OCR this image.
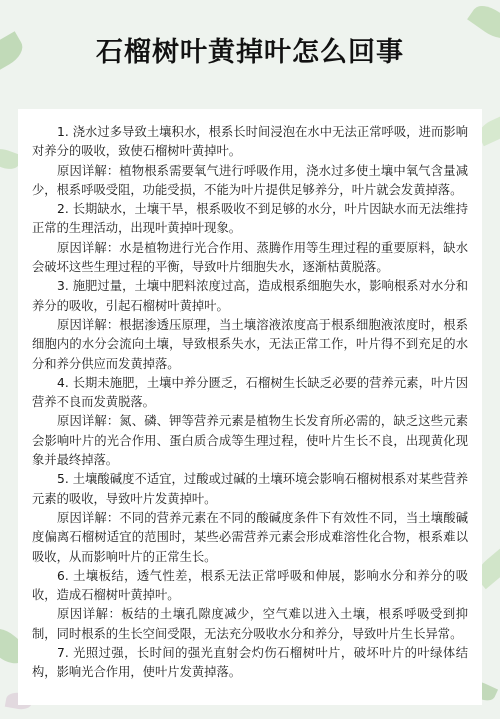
石榴树叶黄掉叶怎么回事

1. 浇水过多导致土壤积水，根系长时间浸泡在水中无法正常呼吸，进而影响对养分的吸收，致使石榴树叶黄掉叶。

原因详解：植物根系需要氧气进行呼吸作用，浇水过多使土壤中氧气含量减少，根系呼吸受阻，功能受损，不能为叶片提供足够养分，叶片就会发黄掉落。

2. 长期缺水，土壤干旱，根系吸收不到足够的水分，叶片因缺水而无法维持正常的生理活动，出现叶黄掉叶现象。

原因详解：水是植物进行光合作用、蒸腾作用等生理过程的重要原料，缺水会破坏这些生理过程的平衡，导致叶片细胞失水，逐渐枯黄脱落。

3. 施肥过量，土壤中肥料浓度过高，造成根系细胞失水，影响根系对水分和养分的吸收，引起石榴树叶黄掉叶。

原因详解：根据渗透压原理，当土壤溶液浓度高于根系细胞液浓度时，根系细胞内的水分会流向土壤，导致根系失水，无法正常工作，叶片得不到充足的水分和养分供应而发黄掉落。

4. 长期未施肥，土壤中养分匮乏，石榴树生长缺乏必要的营养元素，叶片因营养不良而发黄脱落。

原因详解：氮、磷、钾等营养元素是植物生长发育所必需的，缺乏这些元素会影响叶片的光合作用、蛋白质合成等生理过程，使叶片生长不良，出现黄化现象并最终掉落。

5. 土壤酸碱度不适宜，过酸或过碱的土壤环境会影响石榴树根系对某些营养元素的吸收，导致叶片发黄掉叶。

原因详解：不同的营养元素在不同的酸碱度条件下有效性不同，当土壤酸碱度偏离石榴树适宜的范围时，某些必需营养元素会形成难溶性化合物，根系难以吸收，从而影响叶片的正常生长。

6. 土壤板结，透气性差，根系无法正常呼吸和伸展，影响水分和养分的吸收，造成石榴树叶黄掉叶。

原因详解：板结的土壤孔隙度减少，空气难以进入土壤，根系呼吸受到抑制，同时根系的生长空间受限，无法充分吸收水分和养分，导致叶片生长异常。

7. 光照过强，长时间的强光直射会灼伤石榴树叶片，破坏叶片的叶绿体结构，影响光合作用，使叶片发黄掉落。
